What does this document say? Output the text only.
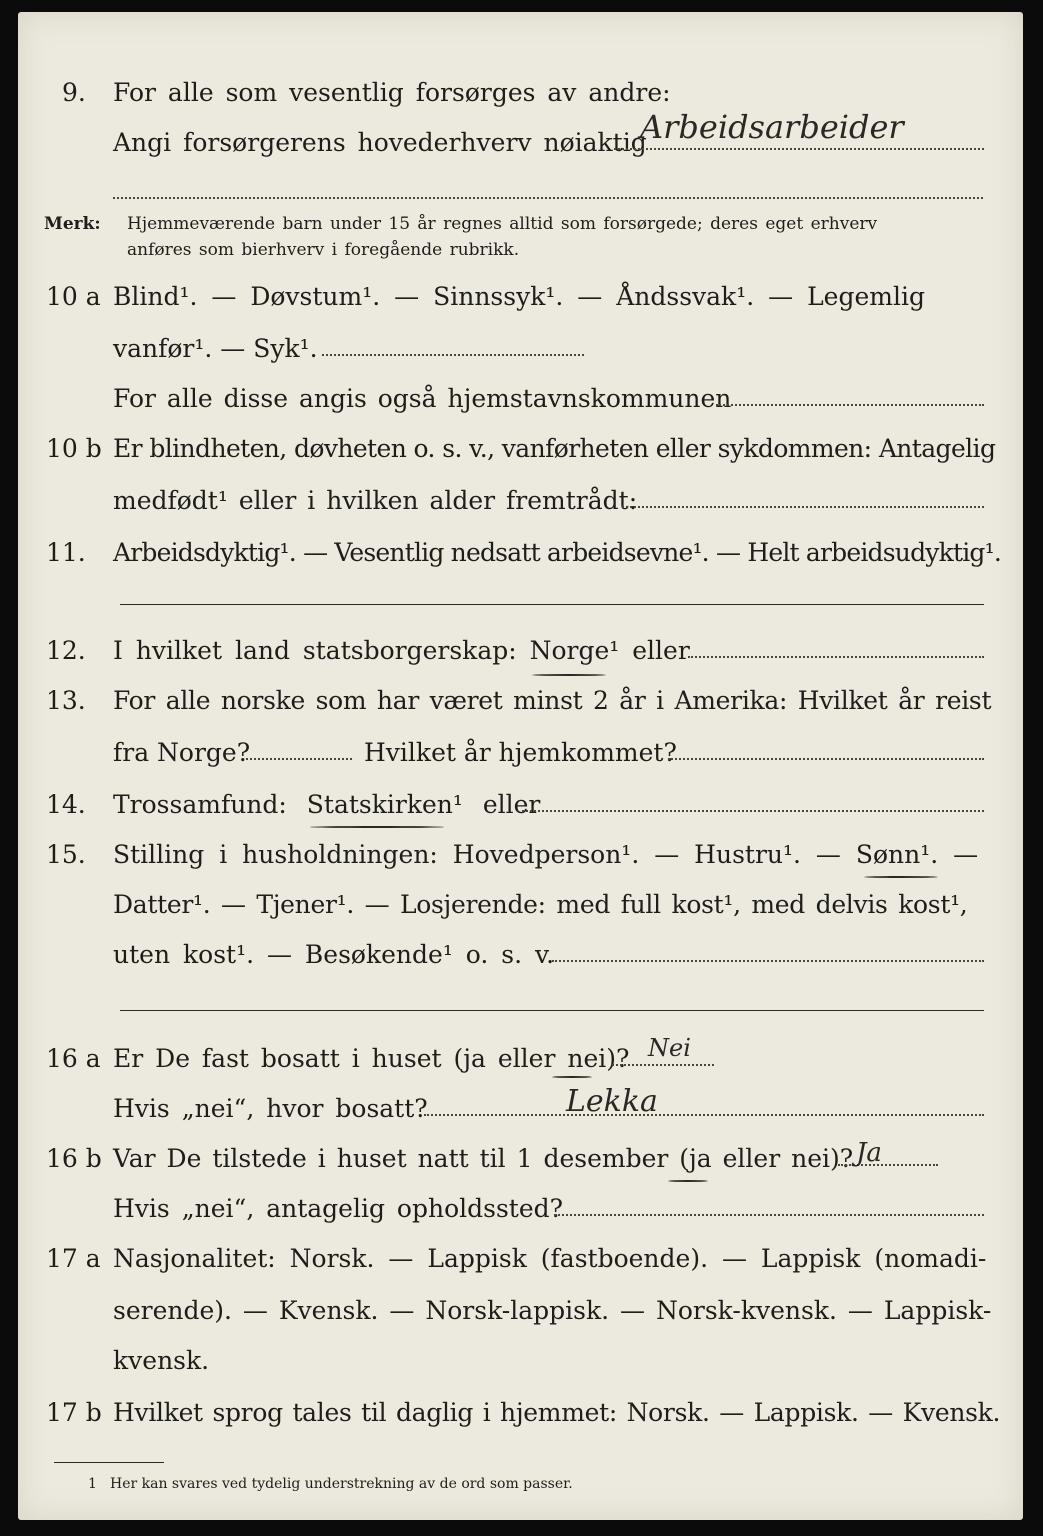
9. For alle som vesentlig forsørges av andre:
Angi forsørgerens hovederhverv nøiaktig
Arbeidsarbeider
Merk: Hjemmeværende barn under 15 år regnes alltid som forsørgede; deres eget erhverv
anføres som bierhverv i foregående rubrikk.
10 a Blind¹. — Døvstum¹. — Sinnssyk¹. — Åndssvak¹. — Legemlig
vanfør¹. — Syk¹.
For alle disse angis også hjemstavnskommunen
10 b Er blindheten, døvheten o. s. v., vanførheten eller sykdommen: Antagelig
medfødt¹ eller i hvilken alder fremtrådt:
11. Arbeidsdyktig¹. — Vesentlig nedsatt arbeidsevne¹. — Helt arbeidsudyktig¹.
12. I hvilket land statsborgerskap: Norge¹ eller
13. For alle norske som har været minst 2 år i Amerika: Hvilket år reist
fra Norge?	Hvilket år hjemkommet?
14. Trossamfund: Statskirken¹ eller
15. Stilling i husholdningen: Hovedperson¹. — Hustru¹. — Sønn¹. —
Datter¹. — Tjener¹. — Losjerende: med full kost¹, med delvis kost¹,
uten kost¹. — Besøkende¹ o. s. v.
16 a Er De fast bosatt i huset (ja eller nei)? Nei
Hvis „nei“, hvor bosatt?	Lekka
16 b Var De tilstede i huset natt til 1 desember (ja eller nei)? Ja
Hvis „nei“, antagelig opholdssted?
17 a Nasjonalitet: Norsk. — Lappisk (fastboende). — Lappisk (nomadi-
serende). — Kvensk. — Norsk-lappisk. — Norsk-kvensk. — Lappisk-
kvensk.
17 b Hvilket sprog tales til daglig i hjemmet: Norsk. — Lappisk. — Kvensk.
1 Her kan svares ved tydelig understrekning av de ord som passer.
